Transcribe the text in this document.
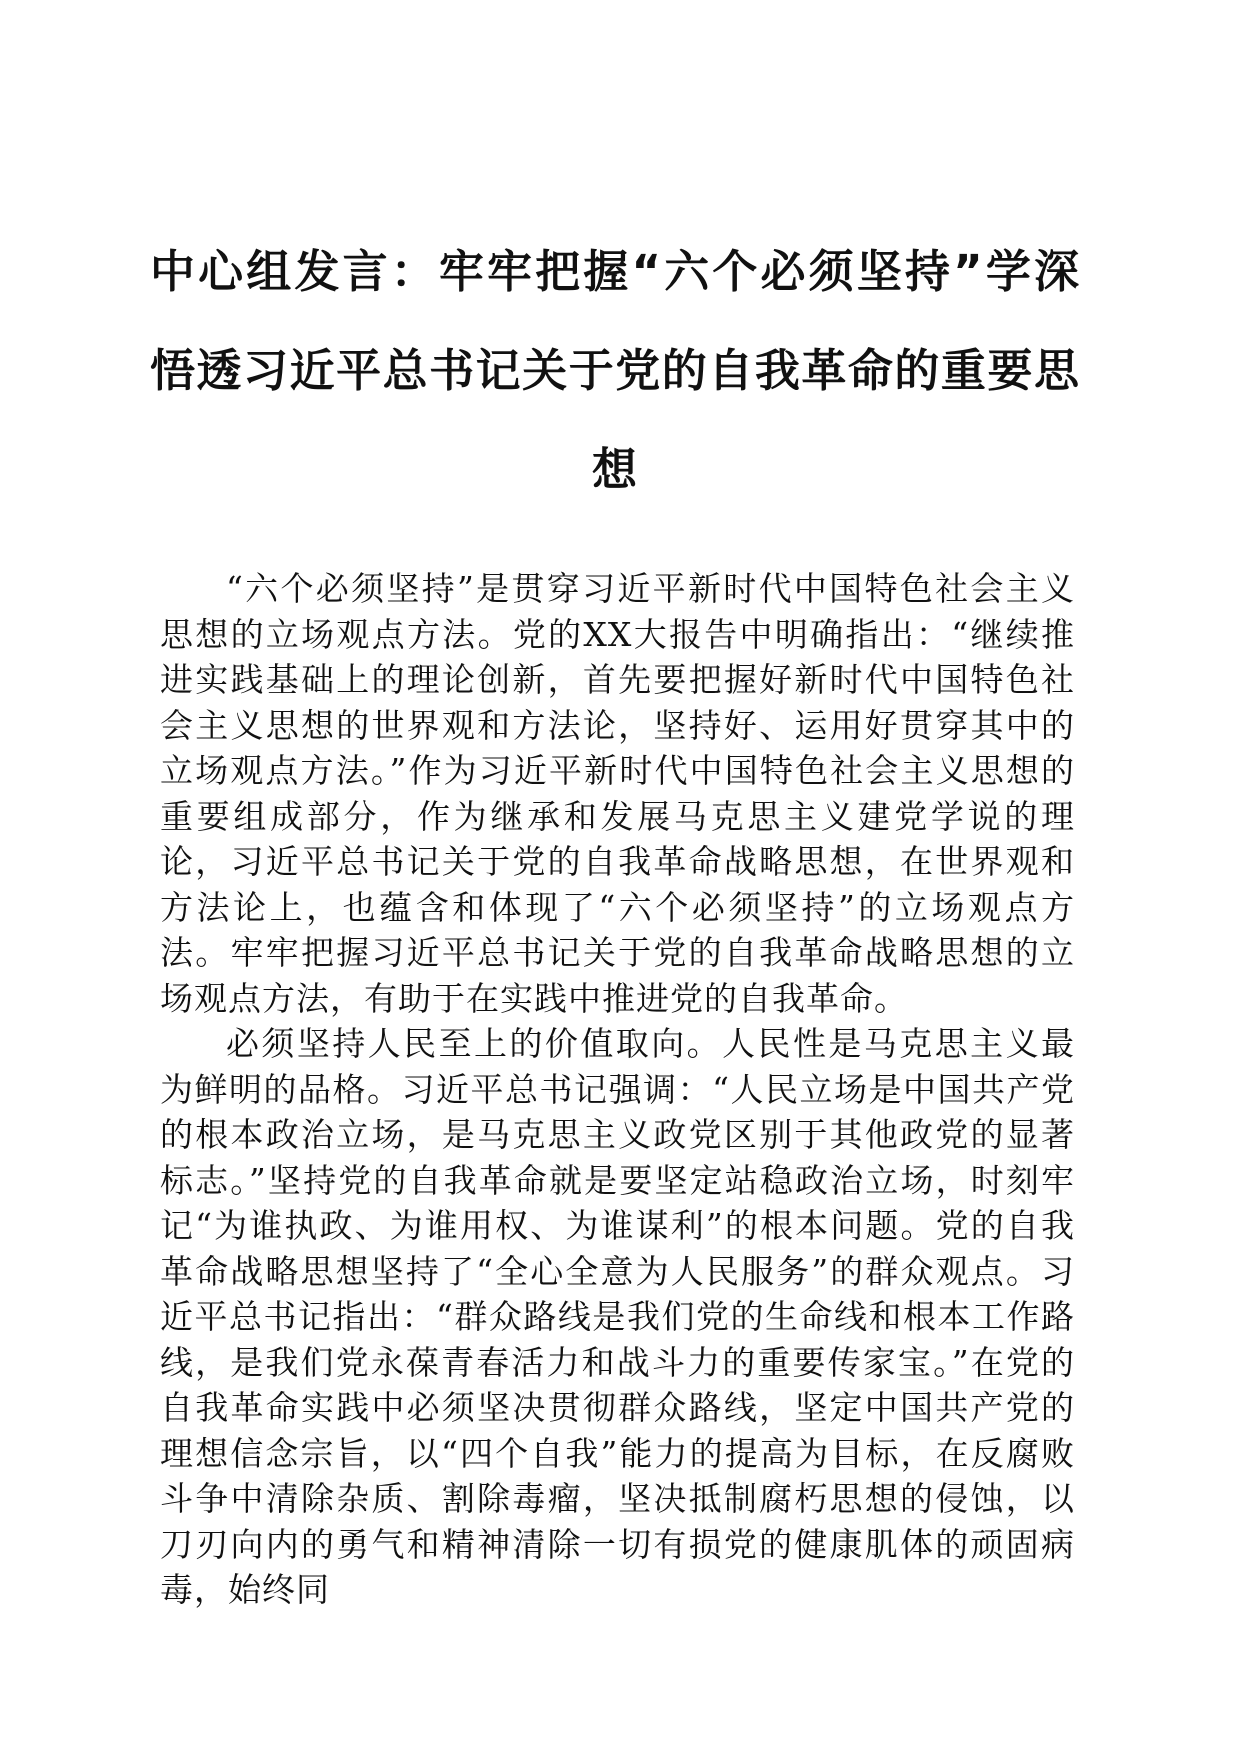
中心组发言：牢牢把握“六个必须坚持”学深悟透习近平总书记关于党的自我革命的重要思想

“六个必须坚持”是贯穿习近平新时代中国特色社会主义思想的立场观点方法。党的XX大报告中明确指出：“继续推进实践基础上的理论创新，首先要把握好新时代中国特色社会主义思想的世界观和方法论，坚持好、运用好贯穿其中的立场观点方法。”作为习近平新时代中国特色社会主义思想的重要组成部分，作为继承和发展马克思主义建党学说的理论，习近平总书记关于党的自我革命战略思想，在世界观和方法论上，也蕴含和体现了“六个必须坚持”的立场观点方法。牢牢把握习近平总书记关于党的自我革命战略思想的立场观点方法，有助于在实践中推进党的自我革命。

必须坚持人民至上的价值取向。人民性是马克思主义最为鲜明的品格。习近平总书记强调：“人民立场是中国共产党的根本政治立场，是马克思主义政党区别于其他政党的显著标志。”坚持党的自我革命就是要坚定站稳政治立场，时刻牢记“为谁执政、为谁用权、为谁谋利”的根本问题。党的自我革命战略思想坚持了“全心全意为人民服务”的群众观点。习近平总书记指出：“群众路线是我们党的生命线和根本工作路线，是我们党永葆青春活力和战斗力的重要传家宝。”在党的自我革命实践中必须坚决贯彻群众路线，坚定中国共产党的理想信念宗旨，以“四个自我”能力的提高为目标，在反腐败斗争中清除杂质、割除毒瘤，坚决抵制腐朽思想的侵蚀，以刀刃向内的勇气和精神清除一切有损党的健康肌体的顽固病毒，始终同
